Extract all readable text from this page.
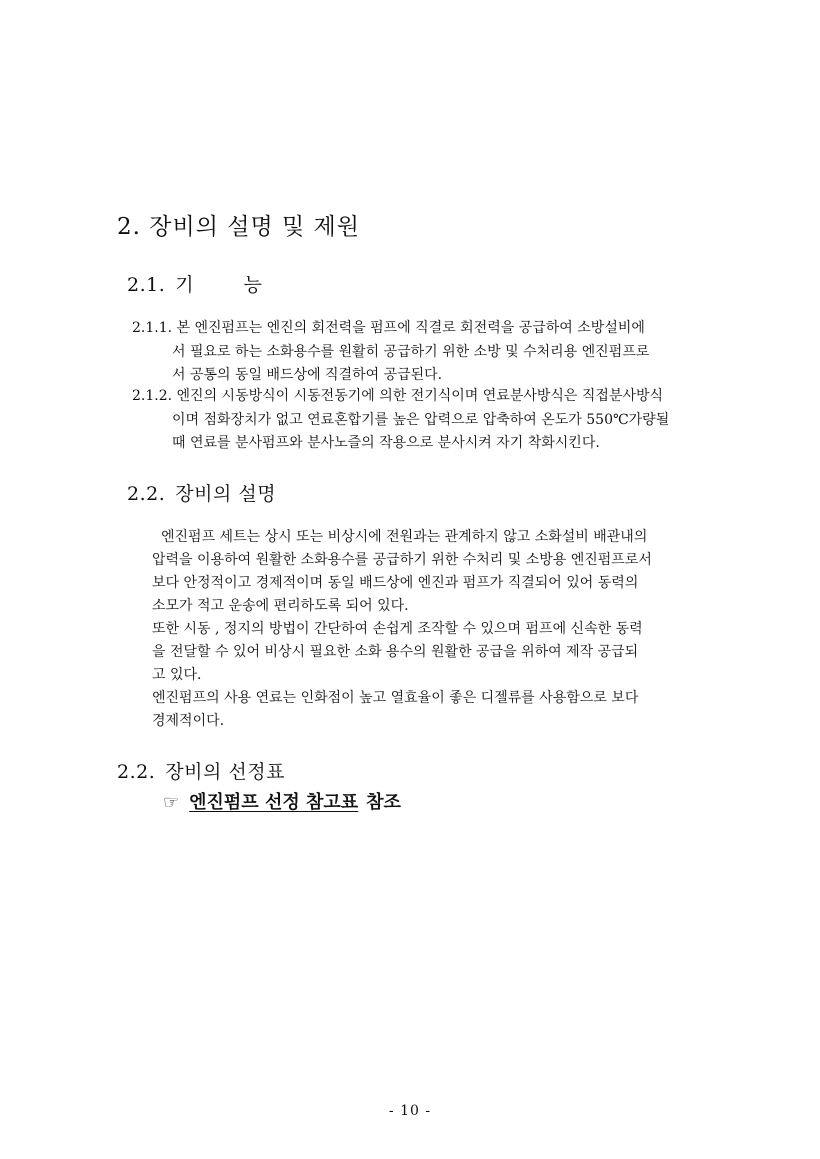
2. 장비의 설명 및 제원
2.1. 기 능
2.1.1. 본 엔진펌프는 엔진의 회전력을 펌프에 직결로 회전력을 공급하여 소방설비에
서 필요로 하는 소화용수를 원활히 공급하기 위한 소방 및 수처리용 엔진펌프로
서 공통의 동일 배드상에 직결하여 공급된다.
2.1.2. 엔진의 시동방식이 시동전동기에 의한 전기식이며 연료분사방식은 직접분사방식
이며 점화장치가 없고 연료혼합기를 높은 압력으로 압축하여 온도가 550℃가량될
때 연료를 분사펌프와 분사노즐의 작용으로 분사시켜 자기 착화시킨다.
2.2. 장비의 설명
엔진펌프 세트는 상시 또는 비상시에 전원과는 관계하지 않고 소화설비 배관내의
압력을 이용하여 원활한 소화용수를 공급하기 위한 수처리 및 소방용 엔진펌프로서
보다 안정적이고 경제적이며 동일 배드상에 엔진과 펌프가 직결되어 있어 동력의
소모가 적고 운송에 편리하도록 되어 있다.
또한 시동 , 정지의 방법이 간단하여 손쉽게 조작할 수 있으며 펌프에 신속한 동력
을 전달할 수 있어 비상시 필요한 소화 용수의 원활한 공급을 위하여 제작 공급되
고 있다.
엔진펌프의 사용 연료는 인화점이 높고 열효율이 좋은 디젤류를 사용함으로 보다
경제적이다.
2.2. 장비의 선정표
☞ 엔진펌프 선정 참고표 참조
- 10 -
